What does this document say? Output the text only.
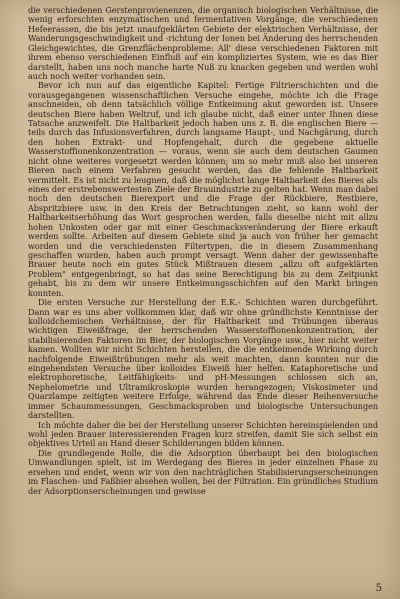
die verschiedenen Gerstenprovienenzen, die organisch biologischen Verhältnisse, die wenig erforschten enzymatischen und fermentativen Vorgänge, die verschiedenen Hefeerassen, die bis jetzt unaufgeklärten Gebiete der elektrischen Verhältnisse, der Wanderungsgeschwindigkeit und -richtung der Ionen bei Änderung des herrschenden Gleichgewichtes, die Grenzflächenprobleme: All' diese verschiedenen Faktoren mit ihrem ebenso verschiedenen Einfluß auf ein kompliziertes System, wie es das Bier darstellt, haben uns noch manche harte Nuß zu knacken gegeben und werden wohl auch noch weiter vorhanden sein.

Bevor ich nun auf das eigentliche Kapitel: Fertige Filtrierschichten und die vorausgegangenen wissenschaftlichen Versuche eingehe, möchte ich die Frage anschneiden, ob denn tatsächlich völlige Entkeimung akut geworden ist. Unsere deutschen Biere haben Weltruf, und ich glaube nicht, daß einer unter Ihnen diese Tatsache anzweifelt. Die Haltbarkeit jedoch haben uns z. B. die englischen Biere — teils durch das Infusionsverfahren, durch langsame Haupt-, und Nachgärung, durch den hohen Extrakt- und Hopfengehalt, durch die gegebene aktuelle Wasserstoffionenkonzentration — voraus, wenn sie auch dem deutschen Gaumen nicht ohne weiteres vorgesetzt werden können; um so mehr muß also bei unseren Bieren nach einem Verfahren gesucht werden, das die fehlende Haltbarkeit vermittelt. Es ist nicht zu leugnen, daß die möglichst lange Haltbarkeit des Bieres als eines der erstrebenswertesten Ziele der Brauindustrie zu gelten hat. Wenn man dabei noch den deutschen Bierexport und die Frage der Rückbiere, Restbiere, Abspritzbiere usw. in den Kreis der Betrachtungen zieht, so kann wohl der Haltbarkeitserhöhung das Wort gesprochen werden, falls dieselbe nicht mit allzu hohen Unkosten oder gar mit einer Geschmacksveränderung der Biere erkauft werden sollte. Arbeiten auf diesem Gebiete sind ja auch von früher her gemacht worden und die verschiedensten Filtertypen, die in diesem Zusammenhang geschaffen wurden, haben auch prompt versagt. Wenn daher der gewissenhafte Brauer heute noch ein gutes Stück Mißtrauen diesem „allzu oft aufgeklärten Problem" entgegenbringt, so hat das seine Berechtigung bis zu dem Zeitpunkt gehabt, bis zu dem wir unsere Entkeimungsschichten auf den Markt bringen konnten.

Die ersten Versuche zur Herstellung der E.K.- Schichten waren durchgeführt. Dann war es uns aber vollkommen klar, daß wir ohne gründlichste Kenntnisse der kolloidchemischen Verhältnisse, der für Haltbarkeit und Trübungen überaus wichtigen Eiweißfrage, der herrschenden Wasserstoffionenkonzentration, der stabilisierenden Faktoren im Bier, der biologischen Vorgänge usw., hier nicht weiter kamen. Wollten wir nicht Schichten herstellen, die die entkeimende Wirkung durch nachfolgende Eiweißtrübungen mehr als weit machten, dann konnten nur die eingehendsten Versuche über kolloides Eiweiß hier helfen. Kataphoretische und elektrophoretische, Leitfähigkeits- und pH-Messungen schlossen sich an, Nephelometrie und Ultramikroskopie wurden herangezogen; Viskosimeter und Quarzlampe zeitigten weitere Erfolge, während das Ende dieser Reihenversuche immer Schaummessungen, Geschmacksproben und biologische Untersuchungen darstellten.

Ich möchte daher die bei der Herstellung unserer Schichten hereinspielenden und wohl jeden Brauer interessierenden Fragen kurz streifen, damit Sie sich selbst ein objektives Urteil an Hand dieser Schilderungen bilden können.

Die grundlegende Rolle, die die Adsorption überhaupt bei den biologischen Umwandlungen spielt, ist im Werdegang des Bieres in jeder einzelnen Phase zu ersehen und endet, wenn wir von den nachträglichen Stabilisierungserscheinungen im Flaschen- und Faßbier absehen wollen, bei der Filtration. Ein gründliches Studium der Adsorptionserscheinungen und gewisse

5
